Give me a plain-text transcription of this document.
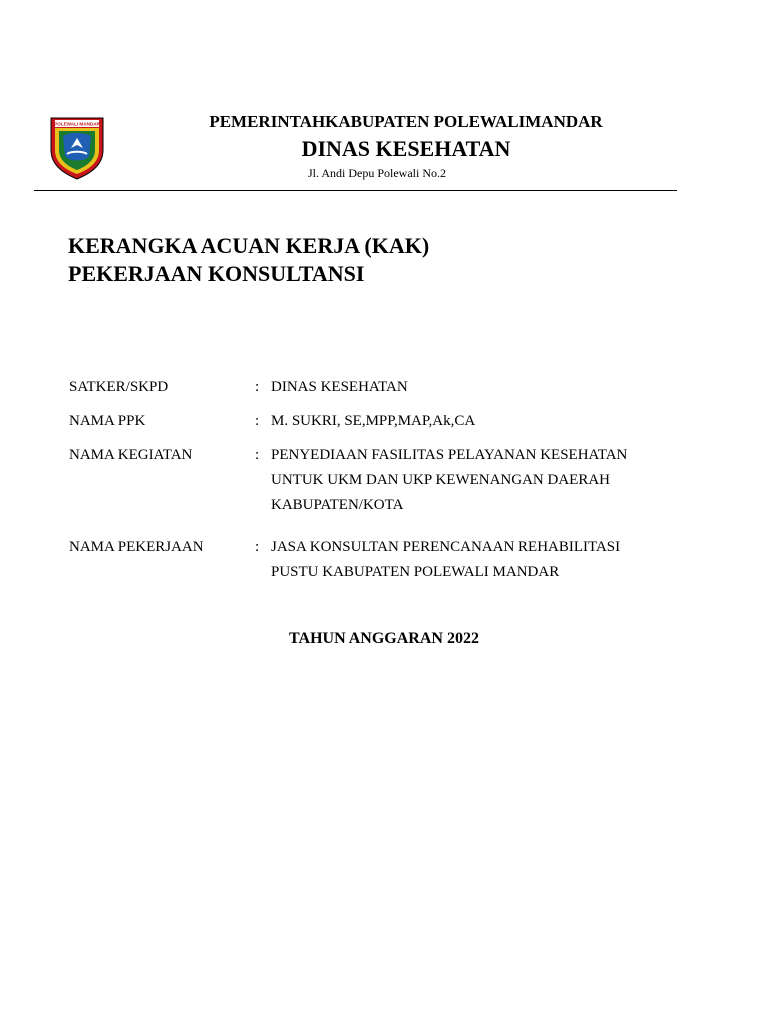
POLEWALI MANDAR	PEMERINTAHKABUPATEN POLEWALIMANDAR
DINAS KESEHATAN
Jl. Andi Depu Polewali No.2
KERANGKA ACUAN KERJA (KAK)
PEKERJAAN KONSULTANSI
SATKER/SKPD	: DINAS KESEHATAN
NAMA PPK	: M. SUKRI, SE,MPP,MAP,Ak,CA
NAMA KEGIATAN	: PENYEDIAAN FASILITAS PELAYANAN KESEHATAN
UNTUK UKM DAN UKP KEWENANGAN DAERAH
KABUPATEN/KOTA
NAMA PEKERJAAN	: JASA KONSULTAN PERENCANAAN REHABILITASI
PUSTU KABUPATEN POLEWALI MANDAR
TAHUN ANGGARAN 2022
